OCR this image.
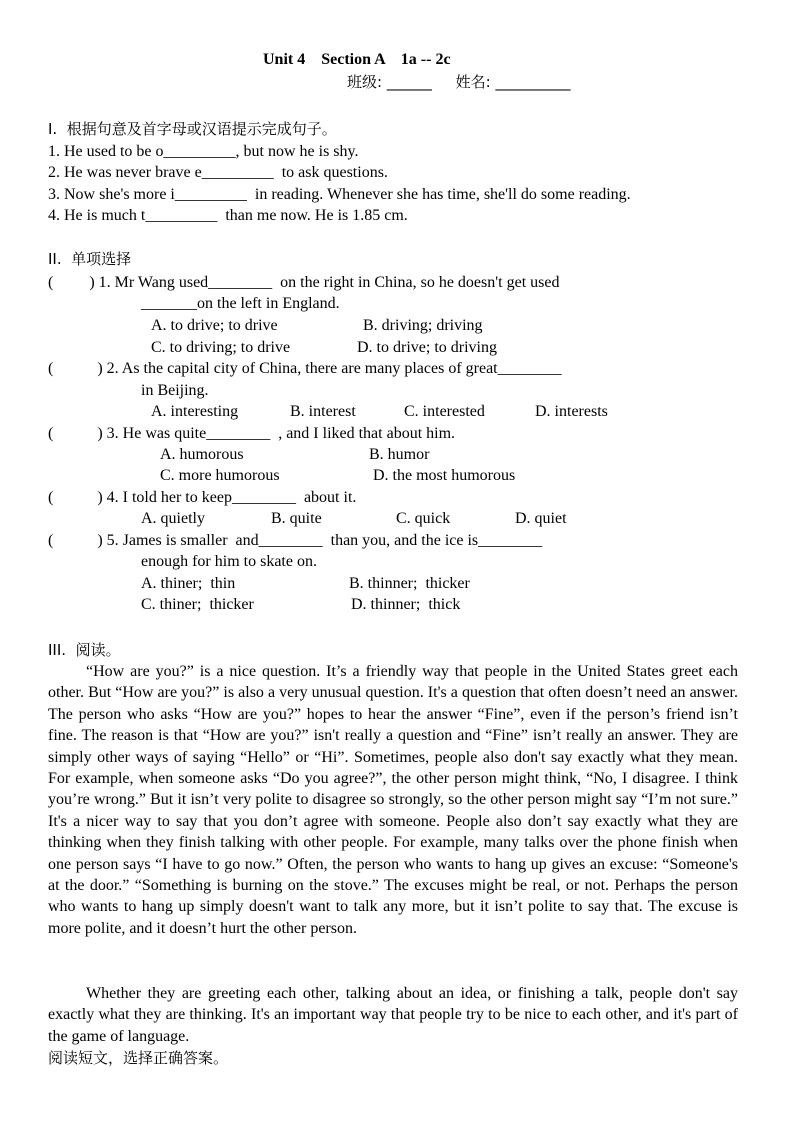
Unit 4    Section A    1a -- 2c
班级: ______     姓名: __________
I.  根据句意及首字母或汉语提示完成句子。
1. He used to be o_________, but now he is shy.
2. He was never brave e_________  to ask questions.
3. Now she's more i_________  in reading. Whenever she has time, she'll do some reading.
4. He is much t_________  than me now. He is 1.85 cm.
II.  单项选择
(         ) 1. Mr Wang used________  on the right in China, so he doesn't get used
_______on the left in England.
A. to drive; to drive	B. driving; driving
C. to driving; to drive	D. to drive; to driving
(           ) 2. As the capital city of China, there are many places of great________
in Beijing.
A. interesting	B. interest	C. interested	D. interests
(           ) 3. He was quite________  , and I liked that about him.
A. humorous	B. humor
C. more humorous	D. the most humorous
(           ) 4. I told her to keep________  about it.
A. quietly	B. quite	C. quick	D. quiet
(           ) 5. James is smaller  and________  than you, and the ice is________
enough for him to skate on.
A. thiner;  thin	B. thinner;  thicker
C. thiner;  thicker	D. thinner;  thick
III.  阅读。
“How are you?” is a nice question. It’s a friendly way that people in the United States greet each other. But “How are you?” is also a very unusual question. It's a question that often doesn’t need an answer. The person who asks “How are you?” hopes to hear the answer “Fine”, even if the person’s friend isn’t fine. The reason is that “How are you?” isn't really a question and “Fine” isn’t really an answer. They are simply other ways of saying “Hello” or “Hi”. Sometimes, people also don't say exactly what they mean. For example, when someone asks “Do you agree?”, the other person might think, “No, I disagree. I think you’re wrong.” But it isn’t very polite to disagree so strongly, so the other person might say “I’m not sure.” It's a nicer way to say that you don’t agree with someone. People also don’t say exactly what they are thinking when they finish talking with other people. For example, many talks over the phone finish when one person says “I have to go now.” Often, the person who wants to hang up gives an excuse: “Someone's at the door.” “Something is burning on the stove.” The excuses might be real, or not. Perhaps the person who wants to hang up simply doesn't want to talk any more, but it isn’t polite to say that. The excuse is more polite, and it doesn’t hurt the other person.
Whether they are greeting each other, talking about an idea, or finishing a talk, people don't say exactly what they are thinking. It's an important way that people try to be nice to each other, and it's part of the game of language.
阅读短文，选择正确答案。
